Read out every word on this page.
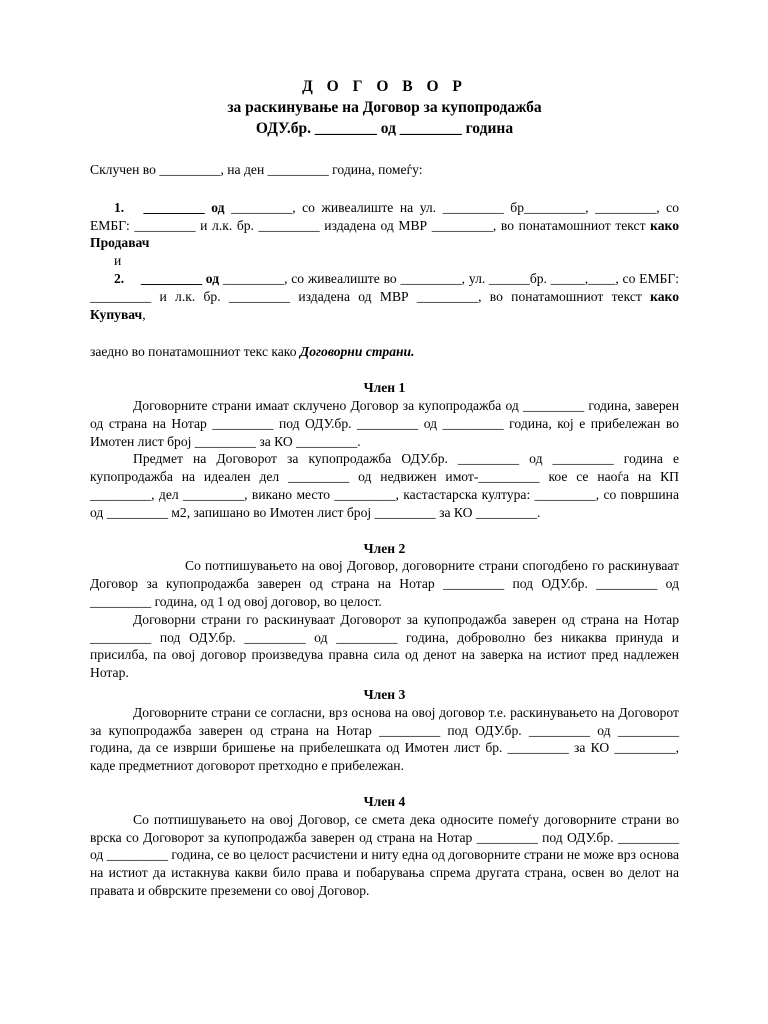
Д О Г О В О Р
за раскинување на Договор за купопродажба
ОДУ.бр. ________ од ________ година

Склучен во _________, на ден _________ година, помеѓу:

1. _________ од _________, со живеалиште на ул. _________ бр_________, _________, со ЕМБГ: _________ и л.к. бр. _________ издадена од МВР _________, во понатамошниот текст како Продавач

и

2. _________ од _________, со живеалиште во _________, ул. ______бр. _____,____, со ЕМБГ: _________ и л.к. бр. _________ издадена од МВР _________, во понатамошниот текст како Купувач,

заедно во понатамошниот текс како Договорни страни.

Член 1

Договорните страни имаат склучено Договор за купопродажба од _________ година, заверен од страна на Нотар _________ под ОДУ.бр. _________ од _________ година, кој е прибележан во Имотен лист број _________ за КО _________.

Предмет на Договорот за купопродажба ОДУ.бр. _________ од _________ година е купопродажба на идеален дел _________ од недвижен имот-_________ кое се наоѓа на КП _________, дел _________, викано место _________, кастастарска култура: _________, со површина од _________ м2, запишано во Имотен лист број _________ за КО _________.

Член 2

Со потпишувањето на овој Договор, договорните страни спогодбено го раскинуваат Договор за купопродажба заверен од страна на Нотар _________ под ОДУ.бр. _________ од _________ година, од 1 од овој договор, во целост.

Договорни страни го раскинуваат Договорот за купопродажба заверен од страна на Нотар _________ под ОДУ.бр. _________ од _________ година, доброволно без никаква принуда и присилба, па овој договор произведува правна сила од денот на заверка на истиот пред надлежен Нотар.

Член 3

Договорните страни се согласни, врз основа на овој договор т.е. раскинувањето на Договорот за купопродажба заверен од страна на Нотар _________ под ОДУ.бр. _________ од _________ година, да се изврши бришење на прибелешката од Имотен лист бр. _________ за КО _________, каде предметниот договорот претходно е прибележан.

Член 4

Со потпишувањето на овој Договор, се смета дека односите помеѓу договорните страни во врска со Договорот за купопродажба заверен од страна на Нотар _________ под ОДУ.бр. _________ од _________ година, се во целост расчистени и ниту една од договорните страни не може врз основа на истиот да истакнува какви било права и побарувања спрема другата страна, освен во делот на правата и обврските преземени со овој Договор.
